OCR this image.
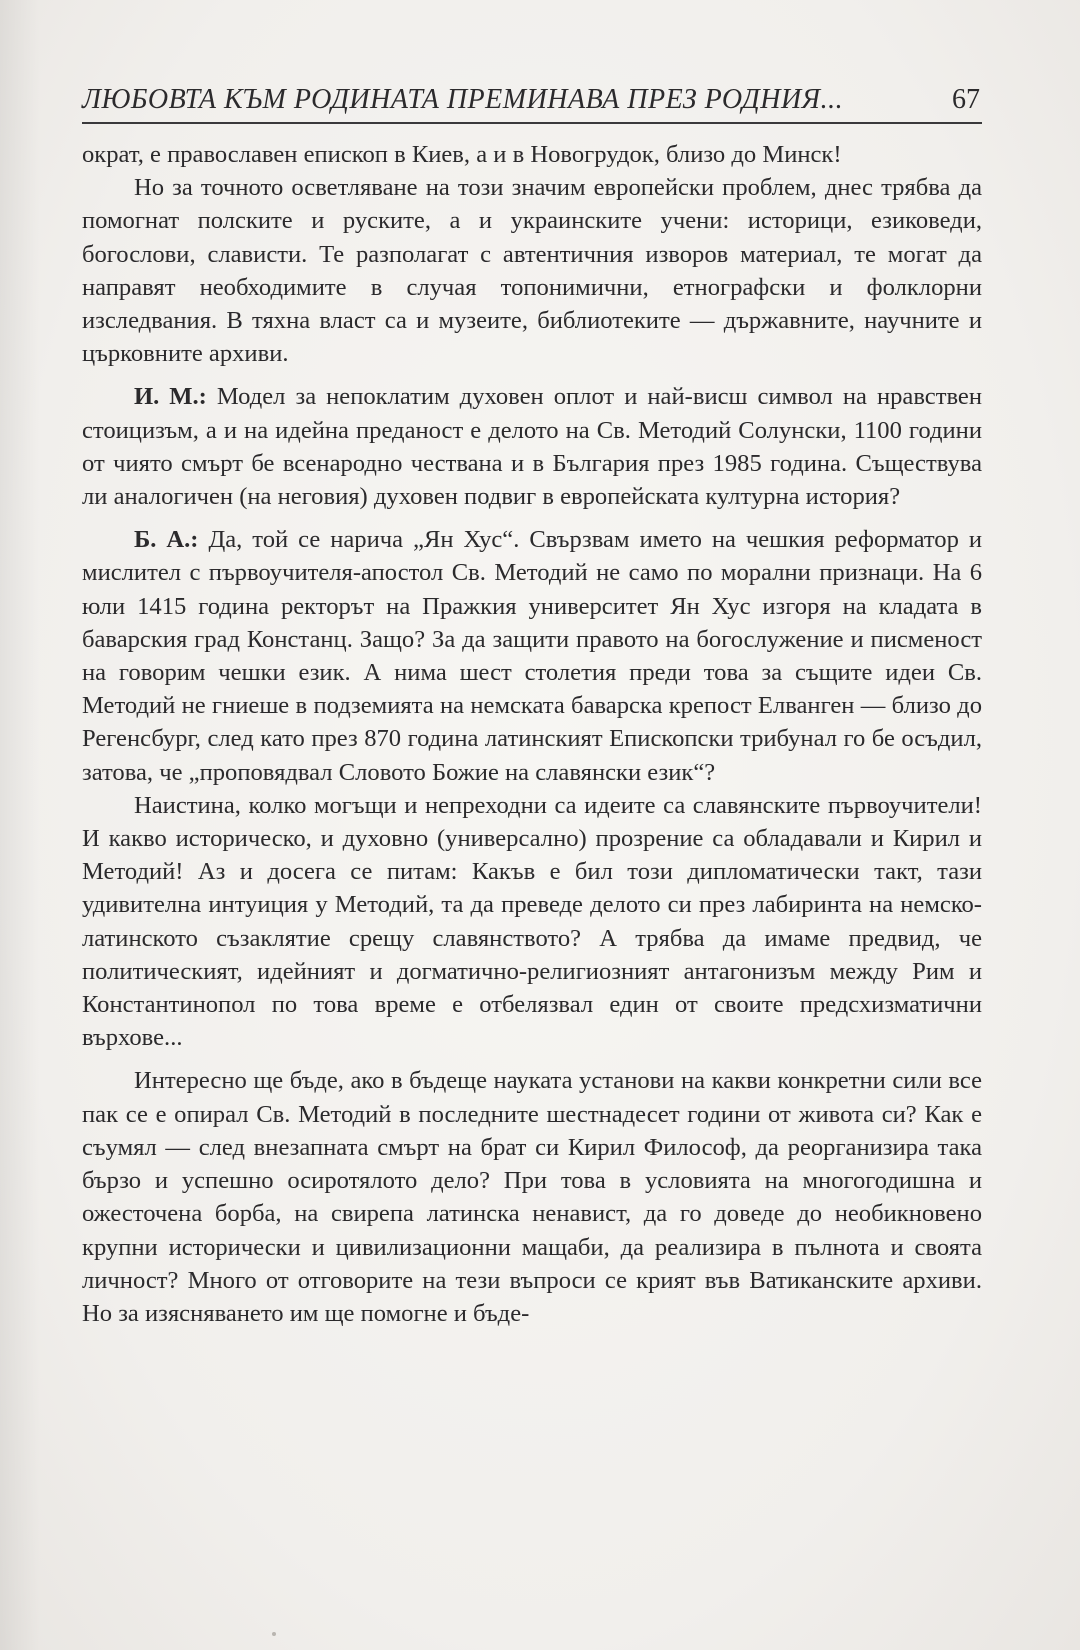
ЛЮБОВТА КЪМ РОДИНАТА ПРЕМИНАВА ПРЕЗ РОДНИЯ...	67

ократ, е православен епископ в Киев, а и в Новогрудок, близо до Минск!

Но за точното осветляване на този значим европейски проблем, днес трябва да помогнат полските и руските, а и украинските учени: историци, езиковеди, богослови, слависти. Те разполагат с автентичния изворов материал, те могат да направят необходимите в случая топонимични, етнографски и фолклорни изследвания. В тяхна власт са и музеите, библиотеките — държавните, научните и църковните архиви.

И. М.: Модел за непоклатим духовен оплот и най-висш символ на нравствен стоицизъм, а и на идейна преданост е делото на Св. Методий Солунски, 1100 години от чиято смърт бе всенародно чествана и в България през 1985 година. Съществува ли аналогичен (на неговия) духовен подвиг в европейската културна история?

Б. А.: Да, той се нарича „Ян Хус“. Свързвам името на чешкия реформатор и мислител с първоучителя-апостол Св. Методий не само по морални признаци. На 6 юли 1415 година ректорът на Пражкия университет Ян Хус изгоря на кладата в баварския град Констанц. Защо? За да защити правото на богослужение и писменост на говорим чешки език. А нима шест столетия преди това за същите идеи Св. Методий не гниеше в подземията на немската баварска крепост Елванген — близо до Регенсбург, след като през 870 година латинският Епископски трибунал го бе осъдил, затова, че „проповядвал Словото Божие на славянски език“?

Наистина, колко могъщи и непреходни са идеите са славянските първоучители! И какво историческо, и духовно (универсално) прозрение са обладавали и Кирил и Методий! Аз и досега се питам: Какъв е бил този дипломатически такт, тази удивителна интуиция у Методий, та да преведе делото си през лабиринта на немско-латинското съзаклятие срещу славянството? А трябва да имаме предвид, че политическият, идейният и догматично-религиозният антагонизъм между Рим и Константинопол по това време е отбелязвал един от своите предсхизматични върхове...

Интересно ще бъде, ако в бъдеще науката установи на какви конкретни сили все пак се е опирал Св. Методий в последните шестнадесет години от живота си? Как е съумял — след внезапната смърт на брат си Кирил Философ, да реорганизира така бързо и успешно осиротялото дело? При това в условията на многогодишна и ожесточена борба, на свирепа латинска ненавист, да го доведе до необикновено крупни исторически и цивилизационни мащаби, да реализира в пълнота и своята личност? Много от отговорите на тези въпроси се крият във Ватиканските архиви. Но за изясняването им ще помогне и бъде-
